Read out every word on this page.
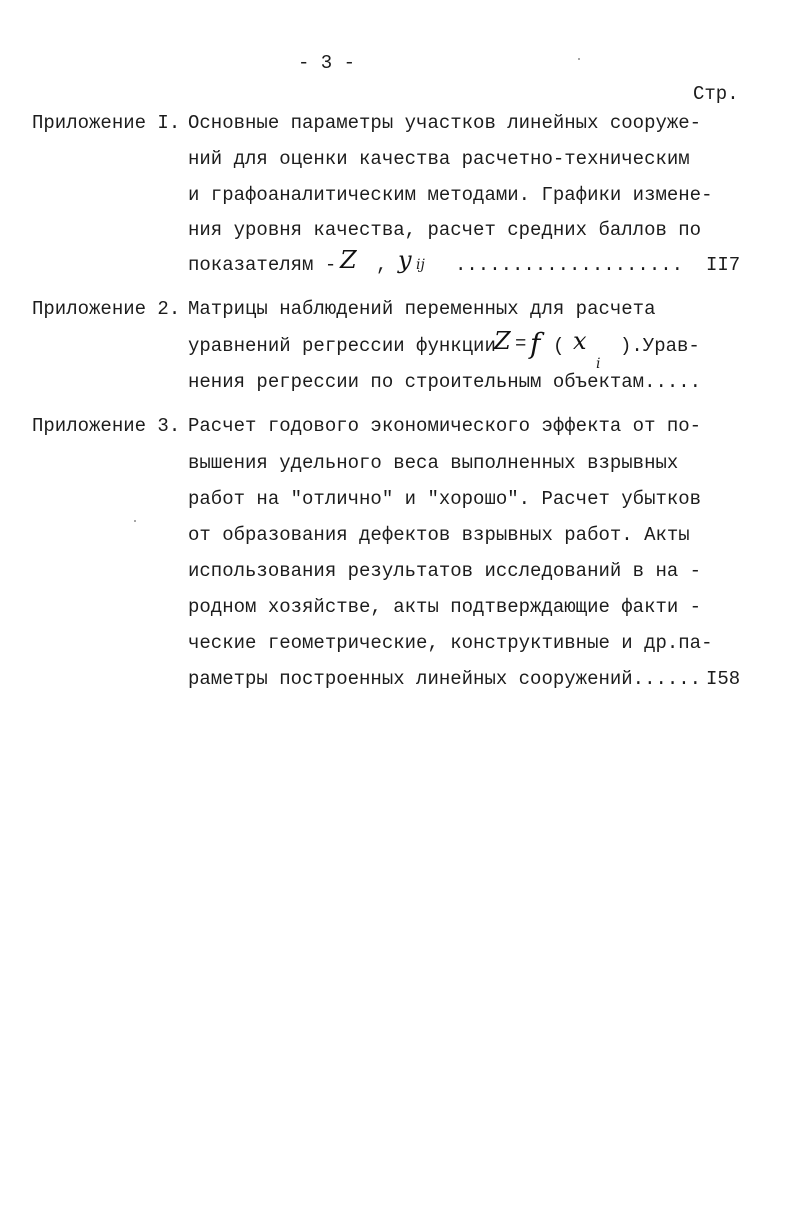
- 3 -
Стр.
Приложение I. Основные параметры участков линейных сооруже-
ний для оценки качества расчетно-техническим
и графоаналитическим методами. Графики измене-
ния уровня качества, расчет средних баллов по
показателям - Z , y ij	.................... II7
Приложение 2. Матрицы наблюдений переменных для расчета
уравнений регрессии функции
Z = f ( x
i
).Урав-
нения регрессии по строительным объектам.....
Приложение 3. Расчет годового экономического эффекта от по-
вышения удельного веса выполненных взрывных
работ на "отлично" и "хорошо". Расчет убытков
от образования дефектов взрывных работ. Акты
использования результатов исследований в на -
родном хозяйстве, акты подтверждающие факти -
ческие геометрические, конструктивные и др.па-
раметры построенных линейных сооружений...... I58
